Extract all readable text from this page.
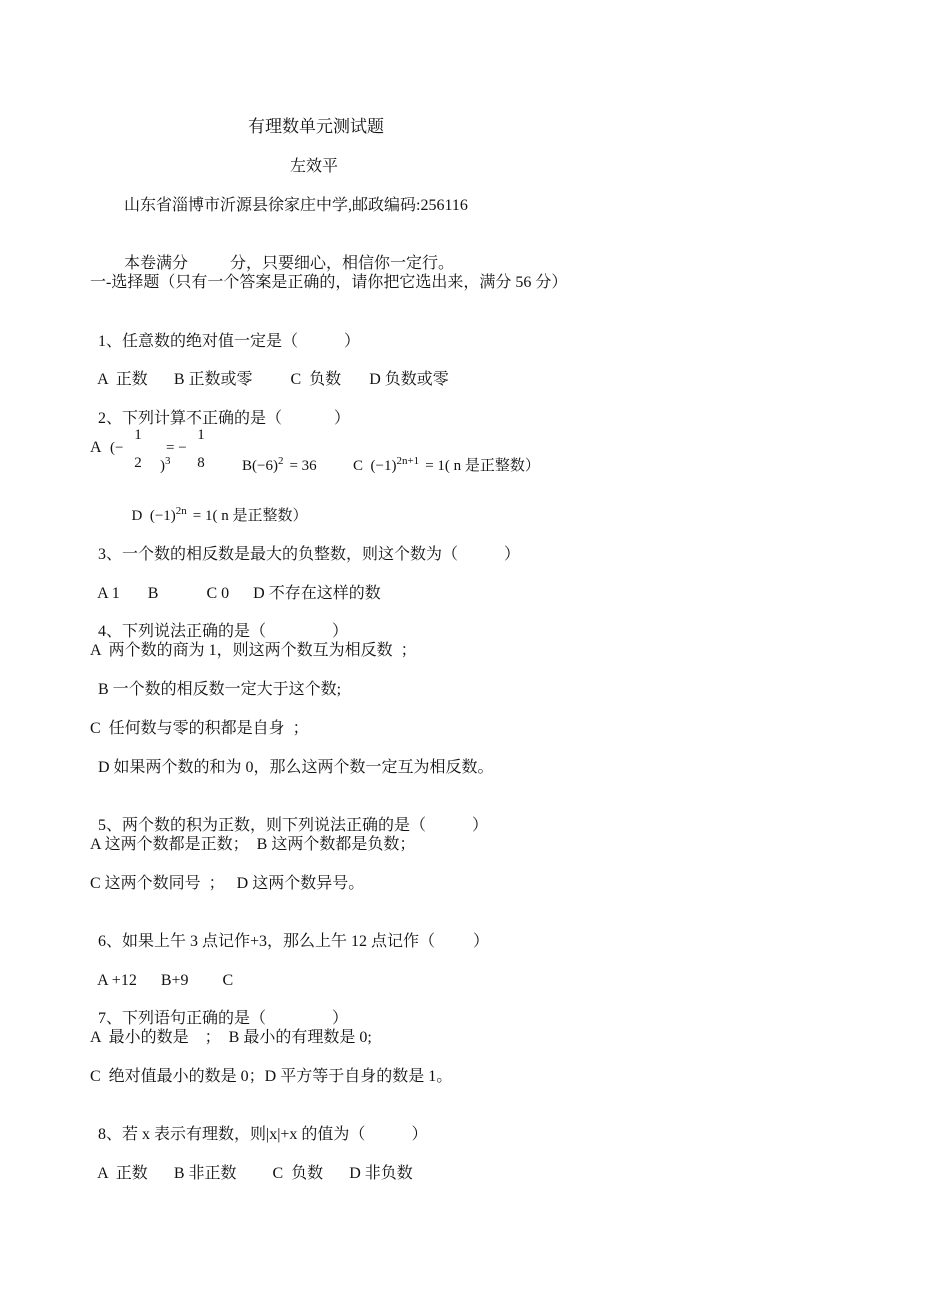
有理数单元测试题
左效平
山东省淄博市沂源县徐家庄中学,邮政编码:256116

本卷满分	分，只要细心，相信你一定行。

一-选择题（只有一个答案是正确的，请你把它选出来，满分 56 分）

1、任意数的绝对值一定是（	）

A  正数 B 正数或零 C  负数 D 负数或零

2、下列计算不正确的是（	）

A (−
1
2	)$^3$

= −
1
8	$B(-6)^2 = 36$
	C  $(-1)^{2n+1} = 1$( n 是正整数）

D  $(-1)^{2n} = 1$( n 是正整数）

3、一个数的相反数是最大的负整数，则这个数为（	）

A 1 B	C 0 D 不存在这样的数

4、下列说法正确的是（	）

A  两个数的商为 1，则这两个数互为相反数  ；
B 一个数的相反数一定大于这个数;
C  任何数与零的积都是自身  ；
D 如果两个数的和为 0，那么这两个数一定互为相反数。

5、两个数的积为正数，则下列说法正确的是（	）

A 这两个数都是正数；  B 这两个数都是负数；
C 这两个数同号  ；   D 这两个数异号。

6、如果上午 3 点记作+3，那么上午 12 点记作（ ）

A +12 B+9 C

7、下列语句正确的是（	）

A  最小的数是    ；  B 最小的有理数是 0;
C  绝对值最小的数是 0；D 平方等于自身的数是 1。

8、若 x 表示有理数，则|x|+x 的值为（	）

A  正数 B 非正数 C  负数 D 非负数
